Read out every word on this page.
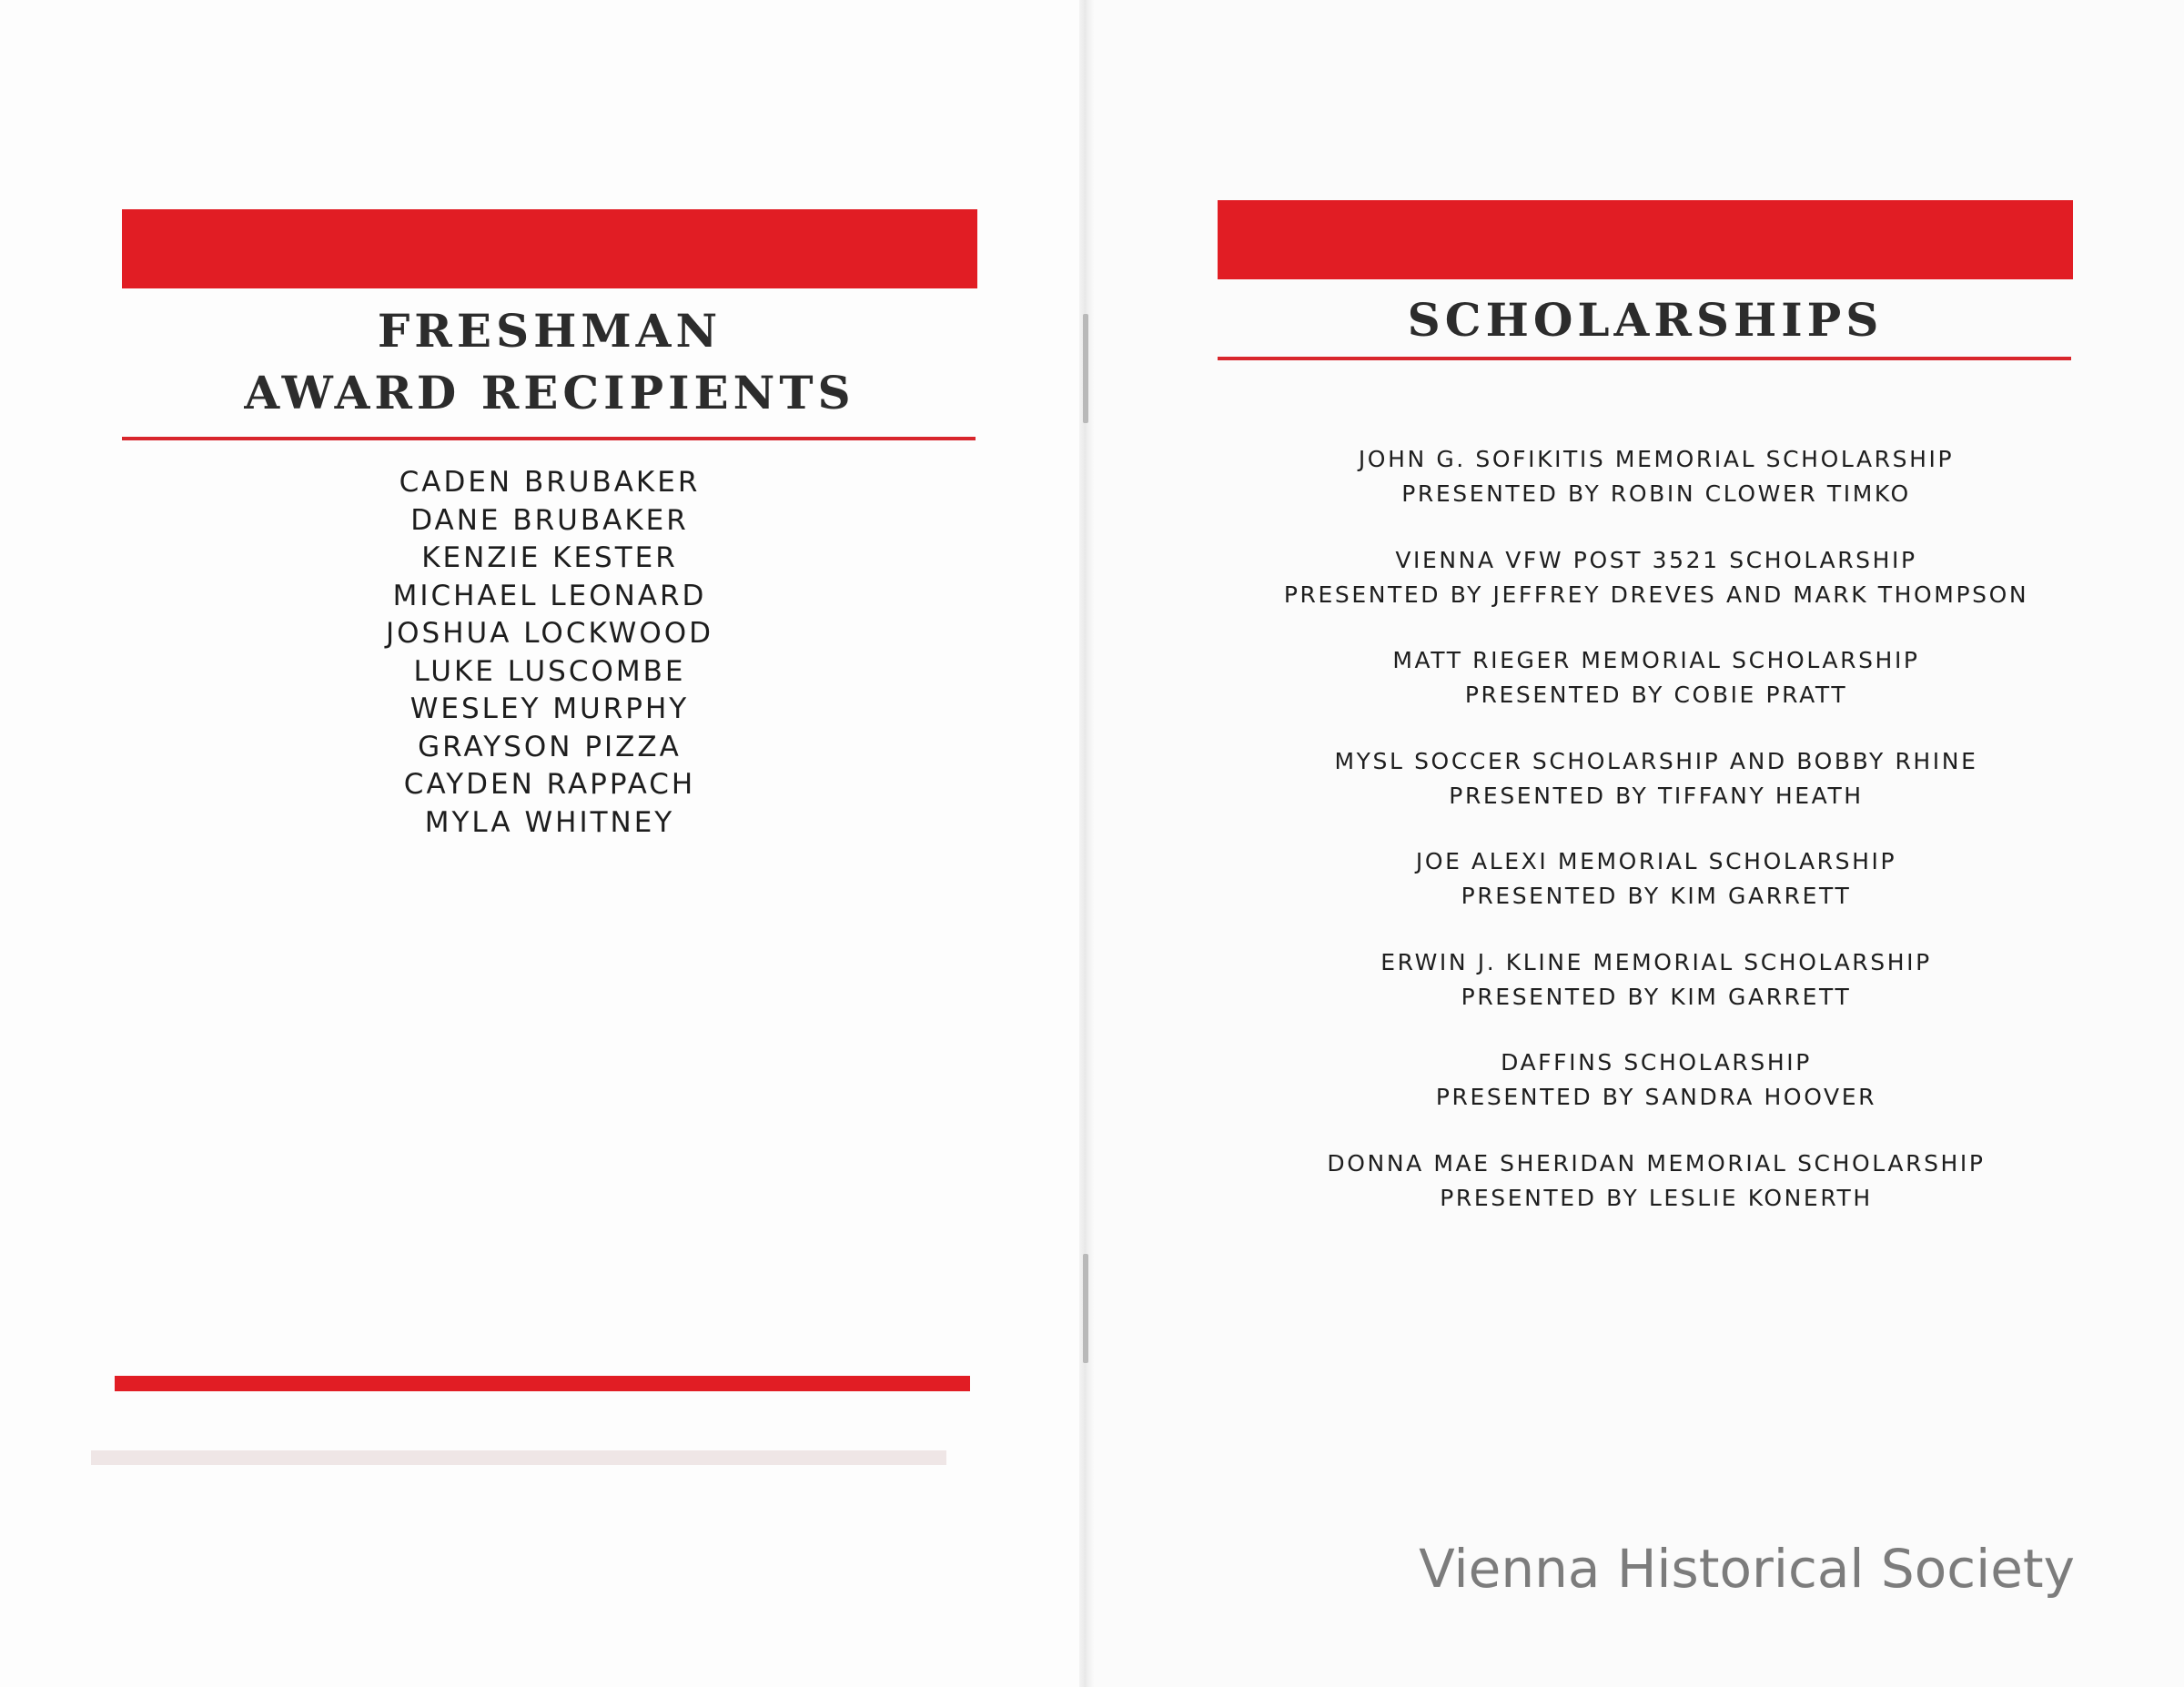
FRESHMAN
AWARD RECIPIENTS
CADEN BRUBAKER
DANE BRUBAKER
KENZIE KESTER
MICHAEL LEONARD
JOSHUA LOCKWOOD
LUKE LUSCOMBE
WESLEY MURPHY
GRAYSON PIZZA
CAYDEN RAPPACH
MYLA WHITNEY
SCHOLARSHIPS
Vienna Historical Society
JOHN G. SOFIKITIS MEMORIAL SCHOLARSHIP
PRESENTED BY ROBIN CLOWER TIMKO
VIENNA VFW POST 3521 SCHOLARSHIP
PRESENTED BY JEFFREY DREVES AND MARK THOMPSON
MATT RIEGER MEMORIAL SCHOLARSHIP
PRESENTED BY COBIE PRATT
MYSL SOCCER SCHOLARSHIP AND BOBBY RHINE
PRESENTED BY TIFFANY HEATH
JOE ALEXI MEMORIAL SCHOLARSHIP
PRESENTED BY KIM GARRETT
ERWIN J. KLINE MEMORIAL SCHOLARSHIP
PRESENTED BY KIM GARRETT
DAFFINS SCHOLARSHIP
PRESENTED BY SANDRA HOOVER
DONNA MAE SHERIDAN MEMORIAL SCHOLARSHIP
PRESENTED BY LESLIE KONERTH
